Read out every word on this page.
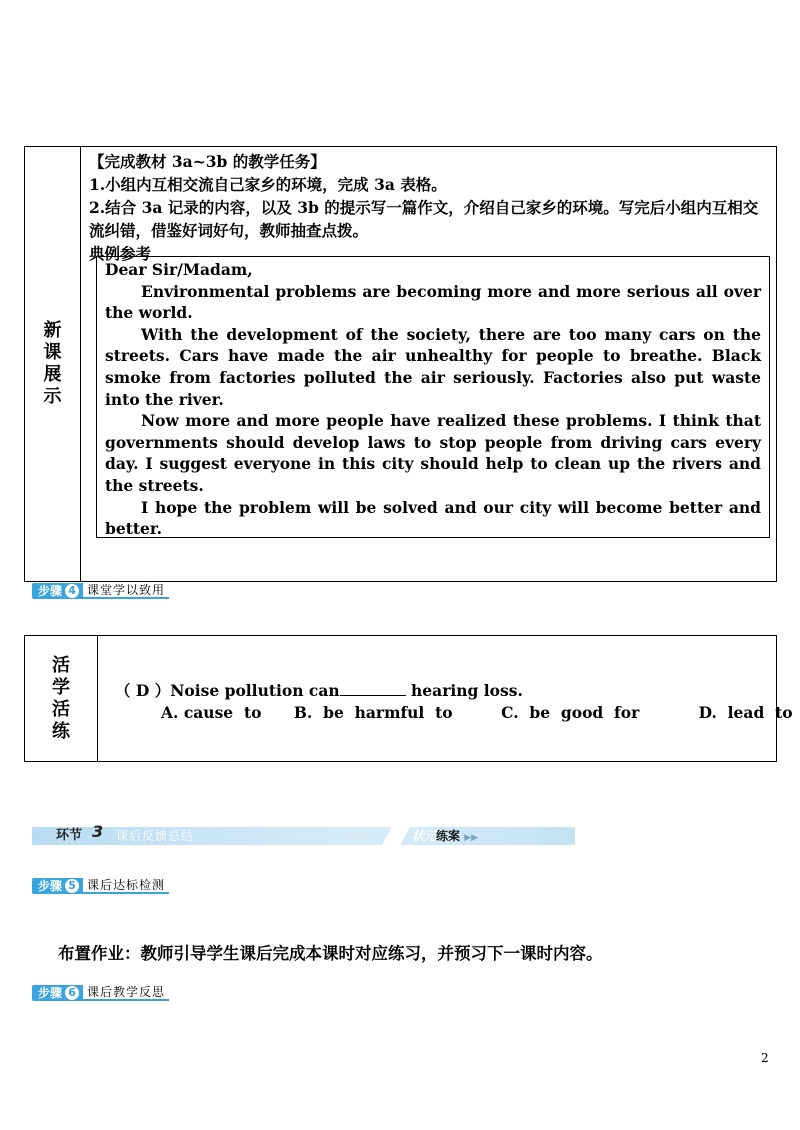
新课展示
【完成教材 3a~3b 的教学任务】
1.小组内互相交流自己家乡的环境，完成 3a 表格。
2.结合 3a 记录的内容，以及 3b 的提示写一篇作文，介绍自己家乡的环境。写完后小组内互相交流纠错，借鉴好词好句，教师抽查点拨。
典例参考

Dear Sir/Madam,

Environmental problems are becoming more and more serious all over the world.

With the development of the society, there are too many cars on the streets. Cars have made the air unhealthy for people to breathe. Black smoke from factories polluted the air seriously. Factories also put waste into the river.

Now more and more people have realized these problems. I think that governments should develop laws to stop people from driving cars every day. I suggest everyone in this city should help to clean up the rivers and the streets.

I hope the problem will be solved and our city will become better and better.

步骤 4 课堂学以致用
活学活练
（ D ）Noise pollution can	hearing loss.
A. cause  to      B.  be  harmful  to         C.  be  good  for           D.  lead  to
环节 3 课后反馈总结	状元练案 ▶▶
步骤 5 课后达标检测
布置作业：教师引导学生课后完成本课时对应练习，并预习下一课时内容。
步骤 6 课后教学反思
2
